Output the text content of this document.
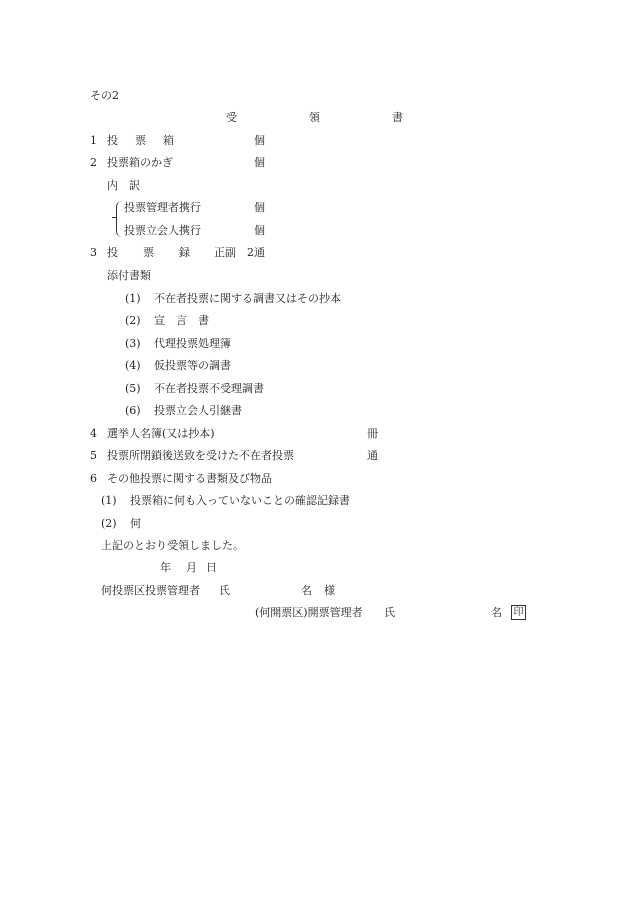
その2
受	領	書
1 投 票 箱	個
2 投票箱のかぎ	個
内　訳
投票管理者携行	個
投票立会人携行	個
3 投 票 録 正副　2通
添付書類
(1) 不在者投票に関する調書又はその抄本
(2) 宣　言　書
(3) 代理投票処理簿
(4) 仮投票等の調書
(5) 不在者投票不受理調書
(6) 投票立会人引継書
4 選挙人名簿(又は抄本)	冊
5 投票所閉鎖後送致を受けた不在者投票	通
6 その他投票に関する書類及び物品
(1) 投票箱に何も入っていないことの確認記録書
(2) 何
上記のとおり受領しました。
年 月 日
何投票区投票管理者 氏	名 様
(何開票区)開票管理者 氏	名 印
